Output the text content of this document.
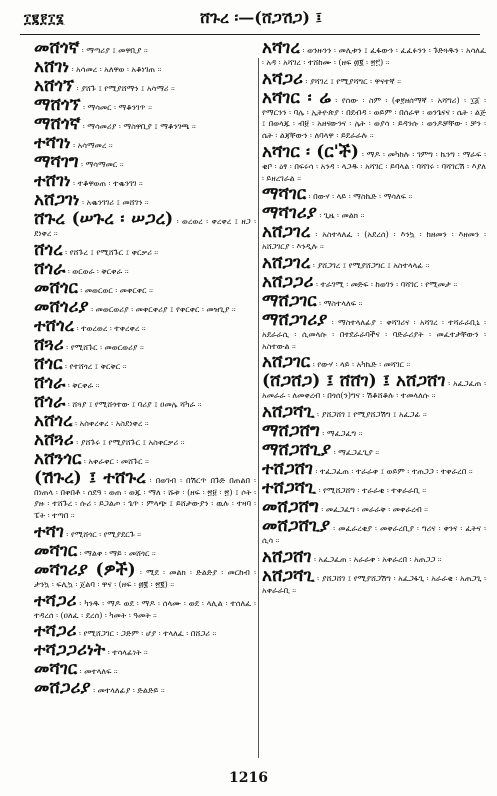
፲፪፻፲፮	ሸጉረ ፡—(ሸጋሽጋ) ፤
መሸጎኛ ፡ ማጣሪያ ፤ መዋቢያ ።
አሸገነ ፡ አሳመረ ፡ አለዋወ ፡ አቆነገጠ ።
አሸጎኘ ፡ ያሸጉ ፤ የሚያሸማን ፤ አሳማሪ ።
ማሸጎኘ ፡ ማሳመር ፡ ማቆንገጥ ።
ማሸጎኛ ፡ ማሳመሪያ ፡ ማስዋቢያ ፤ ማቆንገጫ ።
ተሻገነ ፡ አሳማመረ ።
ማሻገግ ፡ ማሳማመር ።
ተሸገነ ፡ ተቆዋወጠ ፡ ተቈንገገ ።
አሸጋገነ ፡ አቈንገገሪ ፤ መሸገን ።
ሸጉረ (ሠጉረ ፡ ሠጋረ) ፡ ወረወረ ፡ ቀረቀረ ፤ ዘጋ ፡ ደነቀረ ።
ሸጎረ ፡ የሸጉረ ፤ የሚሸጉር ፤ ቀርቃሪ ።
ሸጎራ ፡ ወርወራ ፡ ቅርቀራ ።
መሸጎር ፡ መወርወር ፡ መቀርቀር ።
መሸጎሪያ ፡ መወርወሪያ ፡ መቀርቀሪያ ፤ የቀርቀር ፡ መዝጊያ ።
ተሸጎረ ፡ ተወረወረ ፡ ተቀረቀረ ።
ሸጓሪ ፡ የሚሸጉር ፡ መወርወሪያ ።
ሸጎር ፡ የተሸጎረ ፤ ቅርቅር ።
ሸጎራ ፡ ቅርቀራ ።
ሸጎራ ፡ ሸጓያ ፤ የሚሸጎተው ፤ ባሪያ ፤ ዐመሌ ሻካራ ።
አሸጎረ ፡ አሰቀረቀረ ፡ አስደነቀረ ።
አሸጓሪ ፡ ያሸጉሩ ፤ የሚያሸጉር ፤ አስቀርቃሪ ።
አሸንጎር ፡ አቀራቀር ፡ መሸጉር ።
(ሽጉረ) ፤ ተሸጉረ ፡ በወገብ ፡ በሽርጥ በጉድ በጠልበ ፡ በነጠላ ፡ በቀበቶ ፡ ሰደዓ ፡ ወጠ ፡ ወጁ ፡ ማለ ፡ ሹቱ ፡ (ዘፍ ፡ ፳፱ ፡ ፳) ፤ ሶት ፡ ያዙ ፡ ተሸጉረ ፡ ሱሪ ፡ ይጋልጦ ፡ ጌጥ ፡ ምላጭ ፤ ይሸታውያን ፡ ዉሉ ፡ ተዛባ ፡ ፔት ፡ ተጣበ ።
ተሻገ ፡ የሚሸጎር ፡ የሚያደርጉ ።
መሻገር ፡ ማልቀ ፡ ማይ ፡ መሸጎር ።
መሻገሪያ (ዎች) ፡ ሚደ ፡ መልክ ፡ ድልድያ ፡ መርከብ ፡ ታንኳ ፡ ፍሊኳ ፡ ጀልባ ፡ ዋና ፡ (ዘፍ ፡ ፴፪ ፡ ፳፪) ።
ተሻጋሪ ፡ ካንዱ ፡ ማዶ ወደ ፡ ማዶ ፡ ሰላሙ ፡ ወደ ፡ ላሊል ፡ ተሰለፈ ፡ ተዳረሰ ፡ (ዐለፈ ፡ ደረሰ) ፡ ካመት ፡ ዓመት ።
ተሻጋሪ ፡ የሚሸጋገር ፡ ጋድም ፡ ሆያ ፡ ተላለፈ ፡ በሸጋሪ ።
ተሻጋጋሪነት ፡ ተሳላፊነት ።
መሻገር ፡ መተላለፍ ።
መሸጋሪያ ፡ መተላለፊያ ፡ ድልድይ ።
አሻገረ ፡ ወንዙንን ፡ መሊቱን ፤ ፈፋውን ፡ ፈፈፉንን ፡ ጉድጓዱን ፡ አሳለፈ ፡ አዳ ፡ አሻገረ ፡ ተሸከሙ ፡ (ዘፍ ፴፪ ፡ ፳፫) ።
አሻጋሪ ፡ ያሻገረ ፤ የሚያሻግር ፡ ዋናተኛ ።
አሻገር ፡ ሬ ፡ የሰው ፡ ስም ፡ (ቀ፻ዘሰማኛ ፡ አሻግሪ) ፡ ፲፩ ፡ የማርንን ፡ ባሌ ፡ ኢትዮጵያ ፡ በደብዳ ፡ ወይም ፡ በሰራዋ ፡ ወንጌናና ፡ ሴት ፡ ልጅ ፤ በወላጁ ፡ ብ፱ ፡ አዘናውንና ፡ ሌት ፡ ወያሳ ፡ ይዳንሱ ፡ ወንዶቻቸው ፡ ቻን ፡ ሴት ፡ ልጃቸውን ፡ ለባላዋ ፡ ይደራራሉ ።
አሻገር ፡ (ር'ች) ፡ ማዶ ፡ መካከሉ ፡ ገምግ ፡ ኬንግ ፡ ማራፍ ፡ ቂቦ ፡ ዕፃ ፡ በፍሩሳ ፡ አንዳ ፡ ላጋዱ ፡ አሻገር ፡ ይባላል ፡ ባሻገሩ ፡ ባሻገርሽ ፡ እያለ ፡ ይዘረገራል ።
ማሻገር ፡ በውሃ ፡ ላይ ፡ ማስኬድ ፡ ማሳለፍ ።
ማሻገሪያ ፡ ጊዜ ፡ መልክ ።
አሸጋገረ ፡ አስተላለፈ ፡ (አደረሰ) ፡ እንኳ ፡ ከዘመን ፡ እዘመን ፡ አሸጋገርያ ፡ እንዲሉ ።
አሸጋገረ ፡ ያሸጋገረ ፤ የሚያሸጋግር ፤ አስተላላፊ ።
አሸጋጋሪ ፡ ተራገሚ ፡ መድፍ ፡ ከወገን ፡ ባሻገር ፡ የሚመታ ።
ማሸጋገር ፡ ማስተላለፍ ።
ማሸጋገሪያ ፡ ማስተላለፊያ ፡ ቀሻገሪና ፡ አሻገረ ፡ ተሻራራቢኒ ፡ አደራራሲ ፡ ሲመላሱ ፡ በተደራራባችና ፡ ባድራሪያት ፡ መፈተታቸውን ፡ አስተውል ።
አሸጋገር ፡ የውሃ ፡ ላይ ፡ አካኬድ ፡ መሻገር ።
(ሸጋሸጋ) ፤ ሸሸገ) ፤ አሸጋሸገ ፡ አፈጋፈጠ ፡ አመራራ ፡ ለመቀረብ ፡ በጎሰ(ን)ግና ፡ ሽቆሸቆሉ ፡ ተመላለሱ ።
አሸጋሻጊ ፡ ያሸጋሸገ ፤ የሚያሸጋሽግ ፤ አፈጋፊ ።
ማሸጋሸግ ፡ ማፈጋፈግ ።
ማሸጋሸጊያ ፡ ማፈጋፈጊያ ።
ተሸጋሸገ ፡ ተፈጋፈጠ ፡ ተራራቀ ፤ ወይም ፡ ተጠጋጋ ፡ ተቀራረበ ።
ተሸጋሻጊ ፡ የሚሸጋሸግ ፡ ተራራቂ ፡ ተቀራራቢ ።
መሸጋሸግ ፡ መፈጋፈግ ፡ መራራቅ ፡ መቀራረብ ።
መሸጋሸጊያ ፡ መፈራረቂያ ፡ መቀራረቢያ ፡ ግሪና ፡ ቀንና ፡ ፈትና ፡ ሲሳ ።
አሸጋሸገ ፡ አፈጋፈጠ ፡ አራራቀ ፡ አቀራረበ ፡ አጠጋጋ ።
አሸጋሻጊ ፡ ያሸጋሸገ ፤ የሚያሸጋሽግ ፡ አፈጋፋጊ ፡ አራራቂ ፡ አጠጋጊ ፡ አቀራራቢ ።
1216
